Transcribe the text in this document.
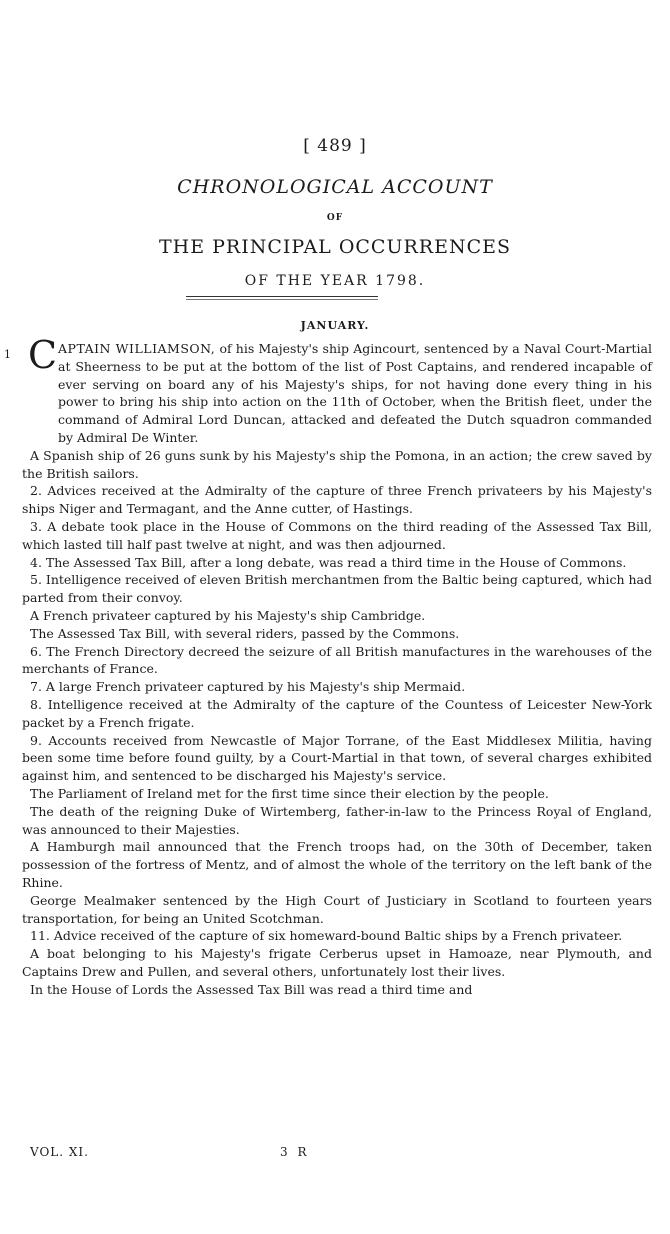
[ 489 ]
CHRONOLOGICAL ACCOUNT
OF
THE PRINCIPAL OCCURRENCES
OF THE YEAR 1798.
JANUARY.

1 C APTAIN WILLIAMSON, of his Majesty's ship Agincourt, sentenced by a Naval Court-Martial at Sheerness to be put at the bottom of the list of Post Captains, and rendered incapable of ever serving on board any of his Majesty's ships, for not having done every thing in his power to bring his ship into action on the 11th of October, when the British fleet, under the command of Admiral Lord Duncan, attacked and defeated the Dutch squadron commanded by Admiral De Winter.

A Spanish ship of 26 guns sunk by his Majesty's ship the Pomona, in an action; the crew saved by the British sailors.

2. Advices received at the Admiralty of the capture of three French privateers by his Majesty's ships Niger and Termagant, and the Anne cutter, of Hastings.

3. A debate took place in the House of Commons on the third reading of the Assessed Tax Bill, which lasted till half past twelve at night, and was then adjourned.

4. The Assessed Tax Bill, after a long debate, was read a third time in the House of Commons.

5. Intelligence received of eleven British merchantmen from the Baltic being captured, which had parted from their convoy.

A French privateer captured by his Majesty's ship Cambridge.

The Assessed Tax Bill, with several riders, passed by the Commons.

6. The French Directory decreed the seizure of all British manufactures in the warehouses of the merchants of France.

7. A large French privateer captured by his Majesty's ship Mermaid.

8. Intelligence received at the Admiralty of the capture of the Countess of Leicester New-York packet by a French frigate.

9. Accounts received from Newcastle of Major Torrane, of the East Middlesex Militia, having been some time before found guilty, by a Court-Martial in that town, of several charges exhibited against him, and sentenced to be discharged his Majesty's service.

The Parliament of Ireland met for the first time since their election by the people.

The death of the reigning Duke of Wirtemberg, father-in-law to the Princess Royal of England, was announced to their Majesties.

A Hamburgh mail announced that the French troops had, on the 30th of December, taken possession of the fortress of Mentz, and of almost the whole of the territory on the left bank of the Rhine.

George Mealmaker sentenced by the High Court of Justiciary in Scotland to fourteen years transportation, for being an United Scotchman.

11. Advice received of the capture of six homeward-bound Baltic ships by a French privateer.

A boat belonging to his Majesty's frigate Cerberus upset in Hamoaze, near Plymouth, and Captains Drew and Pullen, and several others, unfortunately lost their lives.

In the House of Lords the Assessed Tax Bill was read a third time and

VOL. XI.	3 R
